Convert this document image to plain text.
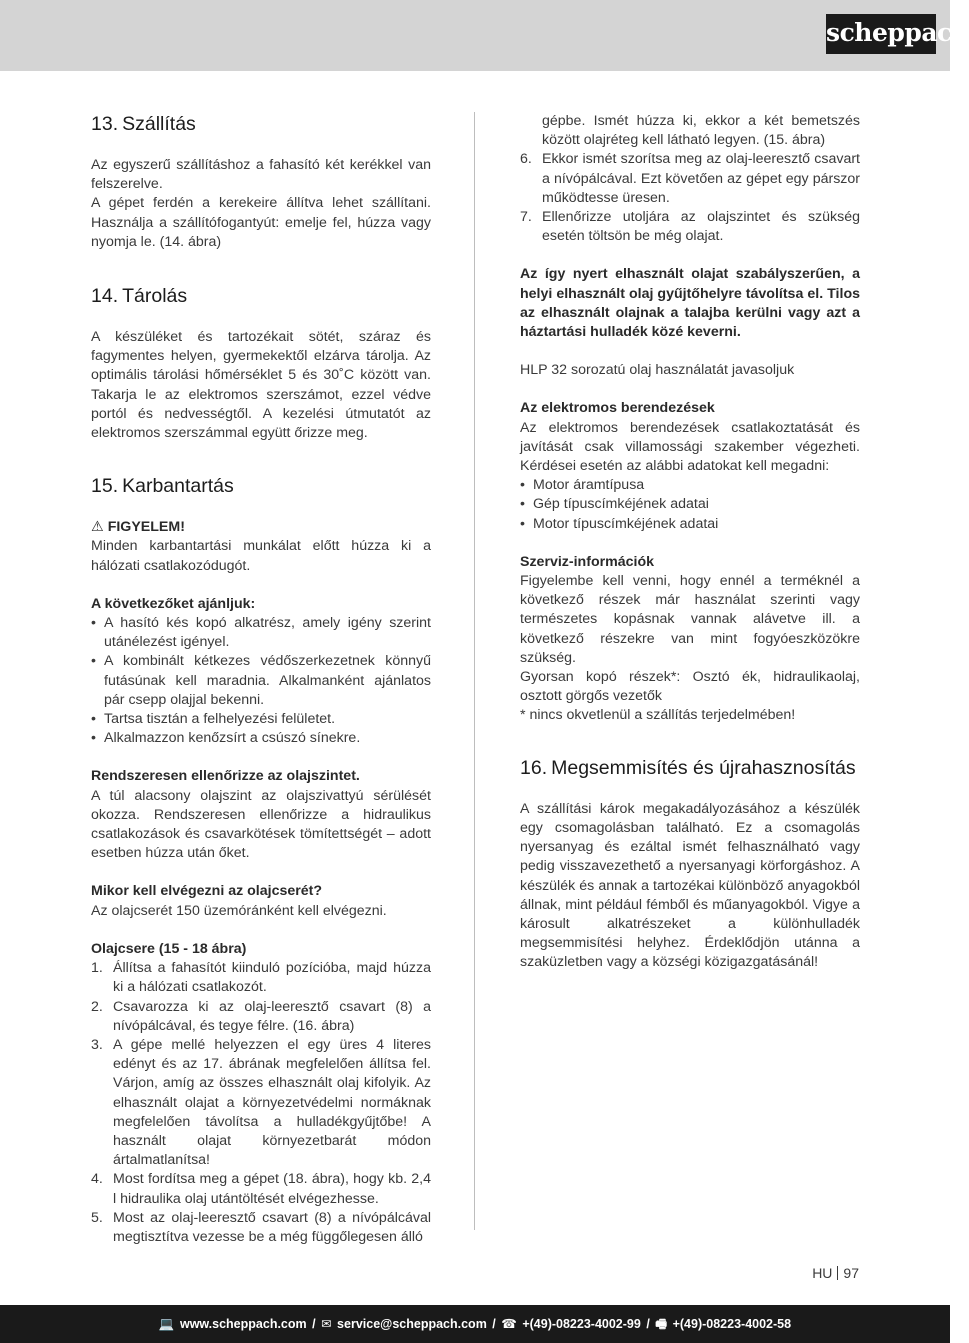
scheppach
13. Szállítás

Az egyszerű szállításhoz a fahasító két kerékkel van felszerelve.

A gépet ferdén a kerekeire állítva lehet szállítani. Használja a szállítófogantyút: emelje fel, húzza vagy nyomja le. (14. ábra)

14. Tárolás

A készüléket és tartozékait sötét, száraz és fagymentes helyen, gyermekektől elzárva tárolja. Az optimális tárolási hőmérséklet 5 és 30˚C között van. Takarja le az elektromos szerszámot, ezzel védve portól és nedvességtől. A kezelési útmutatót az elektromos szerszámmal együtt őrizze meg.

15. Karbantartás

⚠ FIGYELEM!

Minden karbantartási munkálat előtt húzza ki a hálózati csatlakozódugót.

A következőket ajánljuk:

• A hasító kés kopó alkatrész, amely igény szerint utánélezést igényel.
• A kombinált kétkezes védőszerkezetnek könnyű futásúnak kell maradnia. Alkalmanként ajánlatos pár csepp olajjal bekenni.
• Tartsa tisztán a felhelyezési felületet.
• Alkalmazzon kenőzsírt a csúszó sínekre.

Rendszeresen ellenőrizze az olajszintet.

A túl alacsony olajszint az olajszivattyú sérülését okozza. Rendszeresen ellenőrizze a hidraulikus csatlakozások és csavarkötések tömítettségét – adott esetben húzza után őket.

Mikor kell elvégezni az olajcserét?

Az olajcserét 150 üzemóránként kell elvégezni.

Olajcsere (15 - 18 ábra)

1. Állítsa a fahasítót kiinduló pozícióba, majd húzza ki a hálózati csatlakozót.
2. Csavarozza ki az olaj-leeresztő csavart (8) a nívópálcával, és tegye félre. (16. ábra)
3. A gépe mellé helyezzen el egy üres 4 literes edényt és az 17. ábrának megfelelően állítsa fel. Várjon, amíg az összes elhasznált olaj kifolyik. Az elhasznált olajat a környezetvédelmi normáknak megfelelően távolítsa a hulladékgyűjtőbe! A használt olajat környezetbarát módon ártalmatlanítsa!
4. Most fordítsa meg a gépet (18. ábra), hogy kb. 2,4 l hidraulika olaj utántöltését elvégezhesse.
5. Most az olaj-leeresztő csavart (8) a nívópálcával megtisztítva vezesse be a még függőlegesen álló
gépbe. Ismét húzza ki, ekkor a két bemetszés között olajréteg kell látható legyen. (15. ábra)
6. Ekkor ismét szorítsa meg az olaj-leeresztő csavart a nívópálcával. Ezt követően az gépet egy párszor működtesse üresen.
7. Ellenőrizze utoljára az olajszintet és szükség esetén töltsön be még olajat.

Az így nyert elhasznált olajat szabályszerűen, a helyi elhasznált olaj gyűjtőhelyre távolítsa el. Tilos az elhasznált olajnak a talajba kerülni vagy azt a háztartási hulladék közé keverni.

HLP 32 sorozatú olaj használatát javasoljuk

Az elektromos berendezések

Az elektromos berendezések csatlakoztatását és javítását csak villamossági szakember végezheti. Kérdései esetén az alábbi adatokat kell megadni:

• Motor áramtípusa
• Gép típuscímkéjének adatai
• Motor típuscímkéjének adatai

Szerviz-információk

Figyelembe kell venni, hogy ennél a terméknél a következő részek már használat szerinti vagy természetes kopásnak vannak alávetve ill. a következő részekre van mint fogyóeszközökre szükség.

Gyorsan kopó részek*: Osztó ék, hidraulikaolaj, osztott görgős vezetők

* nincs okvetlenül a szállítás terjedelmében!

16. Megsemmisítés és újrahasznosítás

A szállítási károk megakadályozásához a készülék egy csomagolásban található. Ez a csomagolás nyersanyag és ezáltal ismét felhasználható vagy pedig visszavezethető a nyersanyagi körforgáshoz. A készülék és annak a tartozékai különböző anyagokból állnak, mint például fémből és műanyagokból. Vigye a károsult alkatrészeket a különhulladék megsemmisítési helyhez. Érdeklődjön utánna a szaküzletben vagy a községi közigazgatásánál!

HU 97
💻 www.scheppach.com / ✉ service@scheppach.com / ☎ +(49)-08223-4002-99 / 🖷 +(49)-08223-4002-58
